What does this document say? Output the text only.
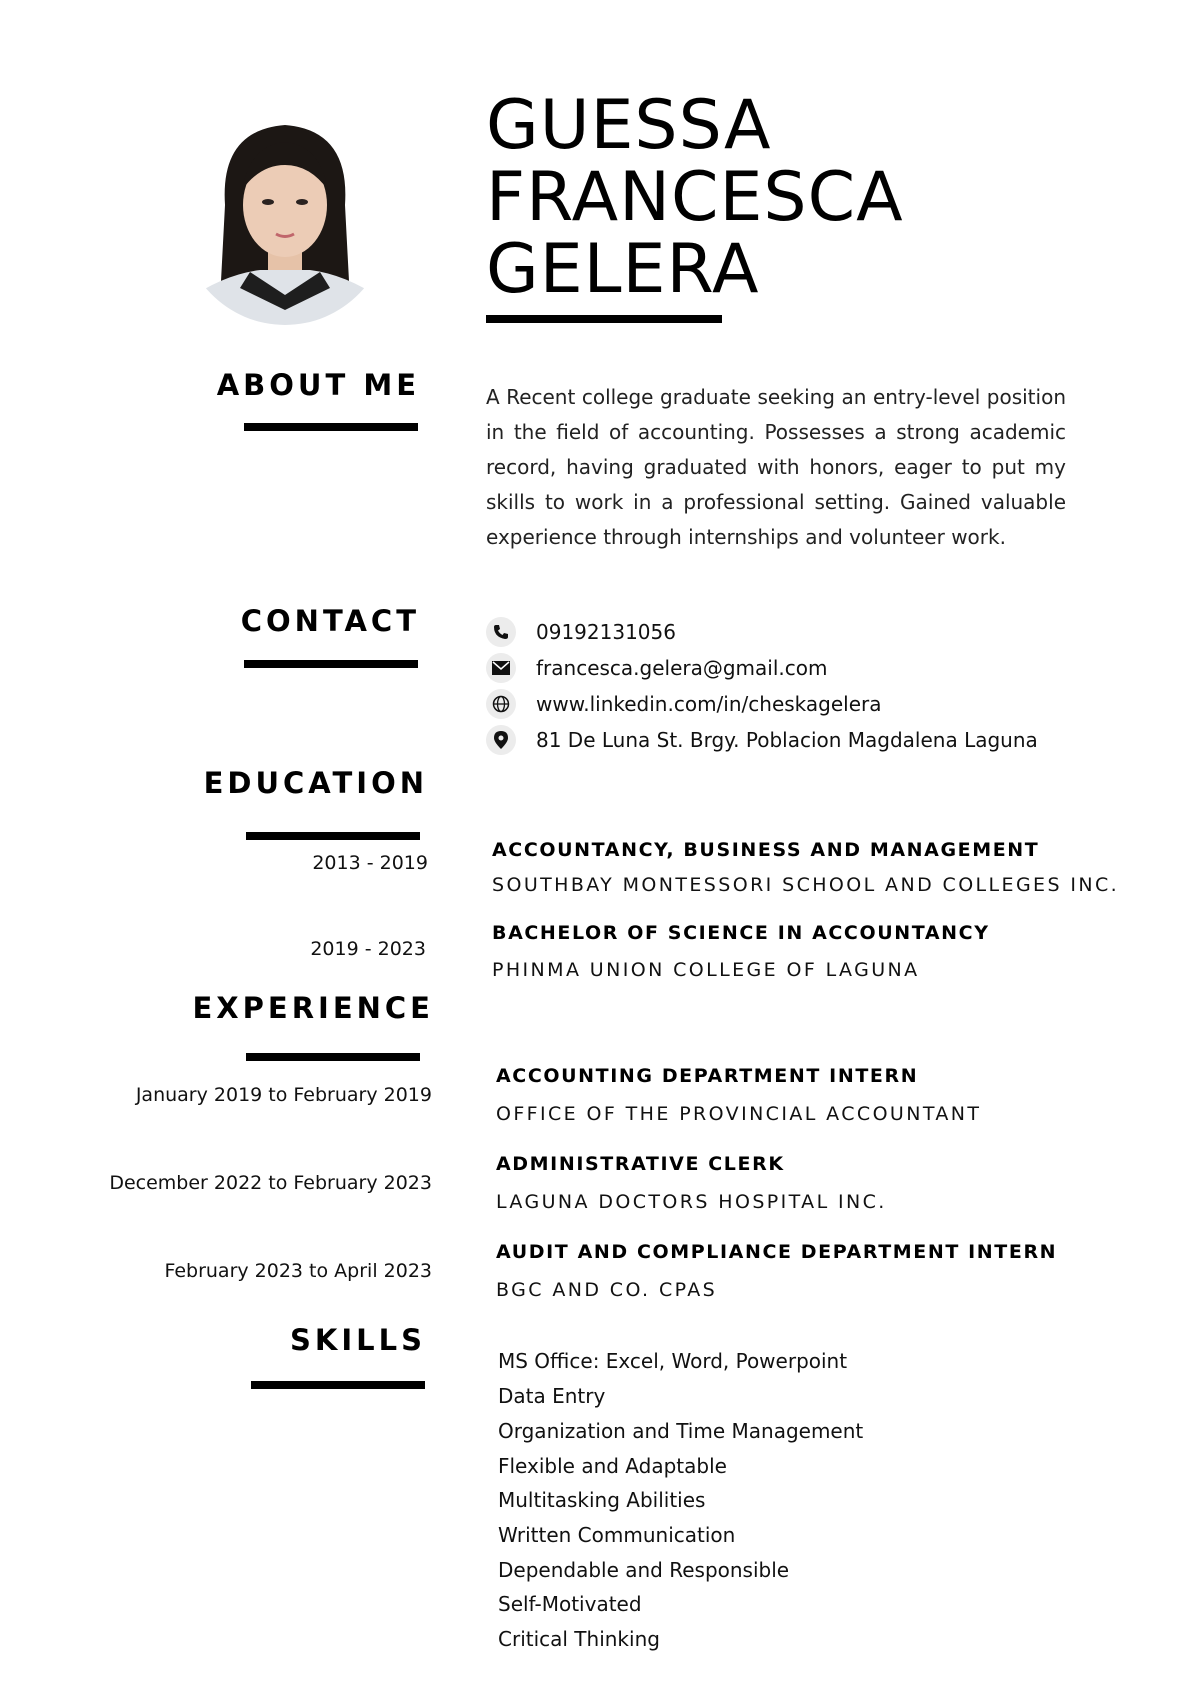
GUESSA
FRANCESCA
GELERA
ABOUT ME	A Recent college graduate seeking an entry-level position in the field of accounting. Possesses a strong academic record, having graduated with honors, eager to put my skills to work in a professional setting. Gained valuable experience through internships and volunteer work.
CONTACT	09192131056
francesca.gelera@gmail.com
www.linkedin.com/in/cheskagelera
81 De Luna St. Brgy. Poblacion Magdalena Laguna
EDUCATION
2013 - 2019
ACCOUNTANCY, BUSINESS AND MANAGEMENT
SOUTHBAY MONTESSORI SCHOOL AND COLLEGES INC.
2019 - 2023
BACHELOR OF SCIENCE IN ACCOUNTANCY
PHINMA UNION COLLEGE OF LAGUNA
EXPERIENCE
January 2019 to February 2019
ACCOUNTING DEPARTMENT INTERN
OFFICE OF THE PROVINCIAL ACCOUNTANT
December 2022 to February 2023
ADMINISTRATIVE CLERK
LAGUNA DOCTORS HOSPITAL INC.
February 2023 to April 2023
AUDIT AND COMPLIANCE DEPARTMENT INTERN
BGC AND CO. CPAS
SKILLS
MS Office: Excel, Word, Powerpoint
Data Entry
Organization and Time Management
Flexible and Adaptable
Multitasking Abilities
Written Communication
Dependable and Responsible
Self-Motivated
Critical Thinking
